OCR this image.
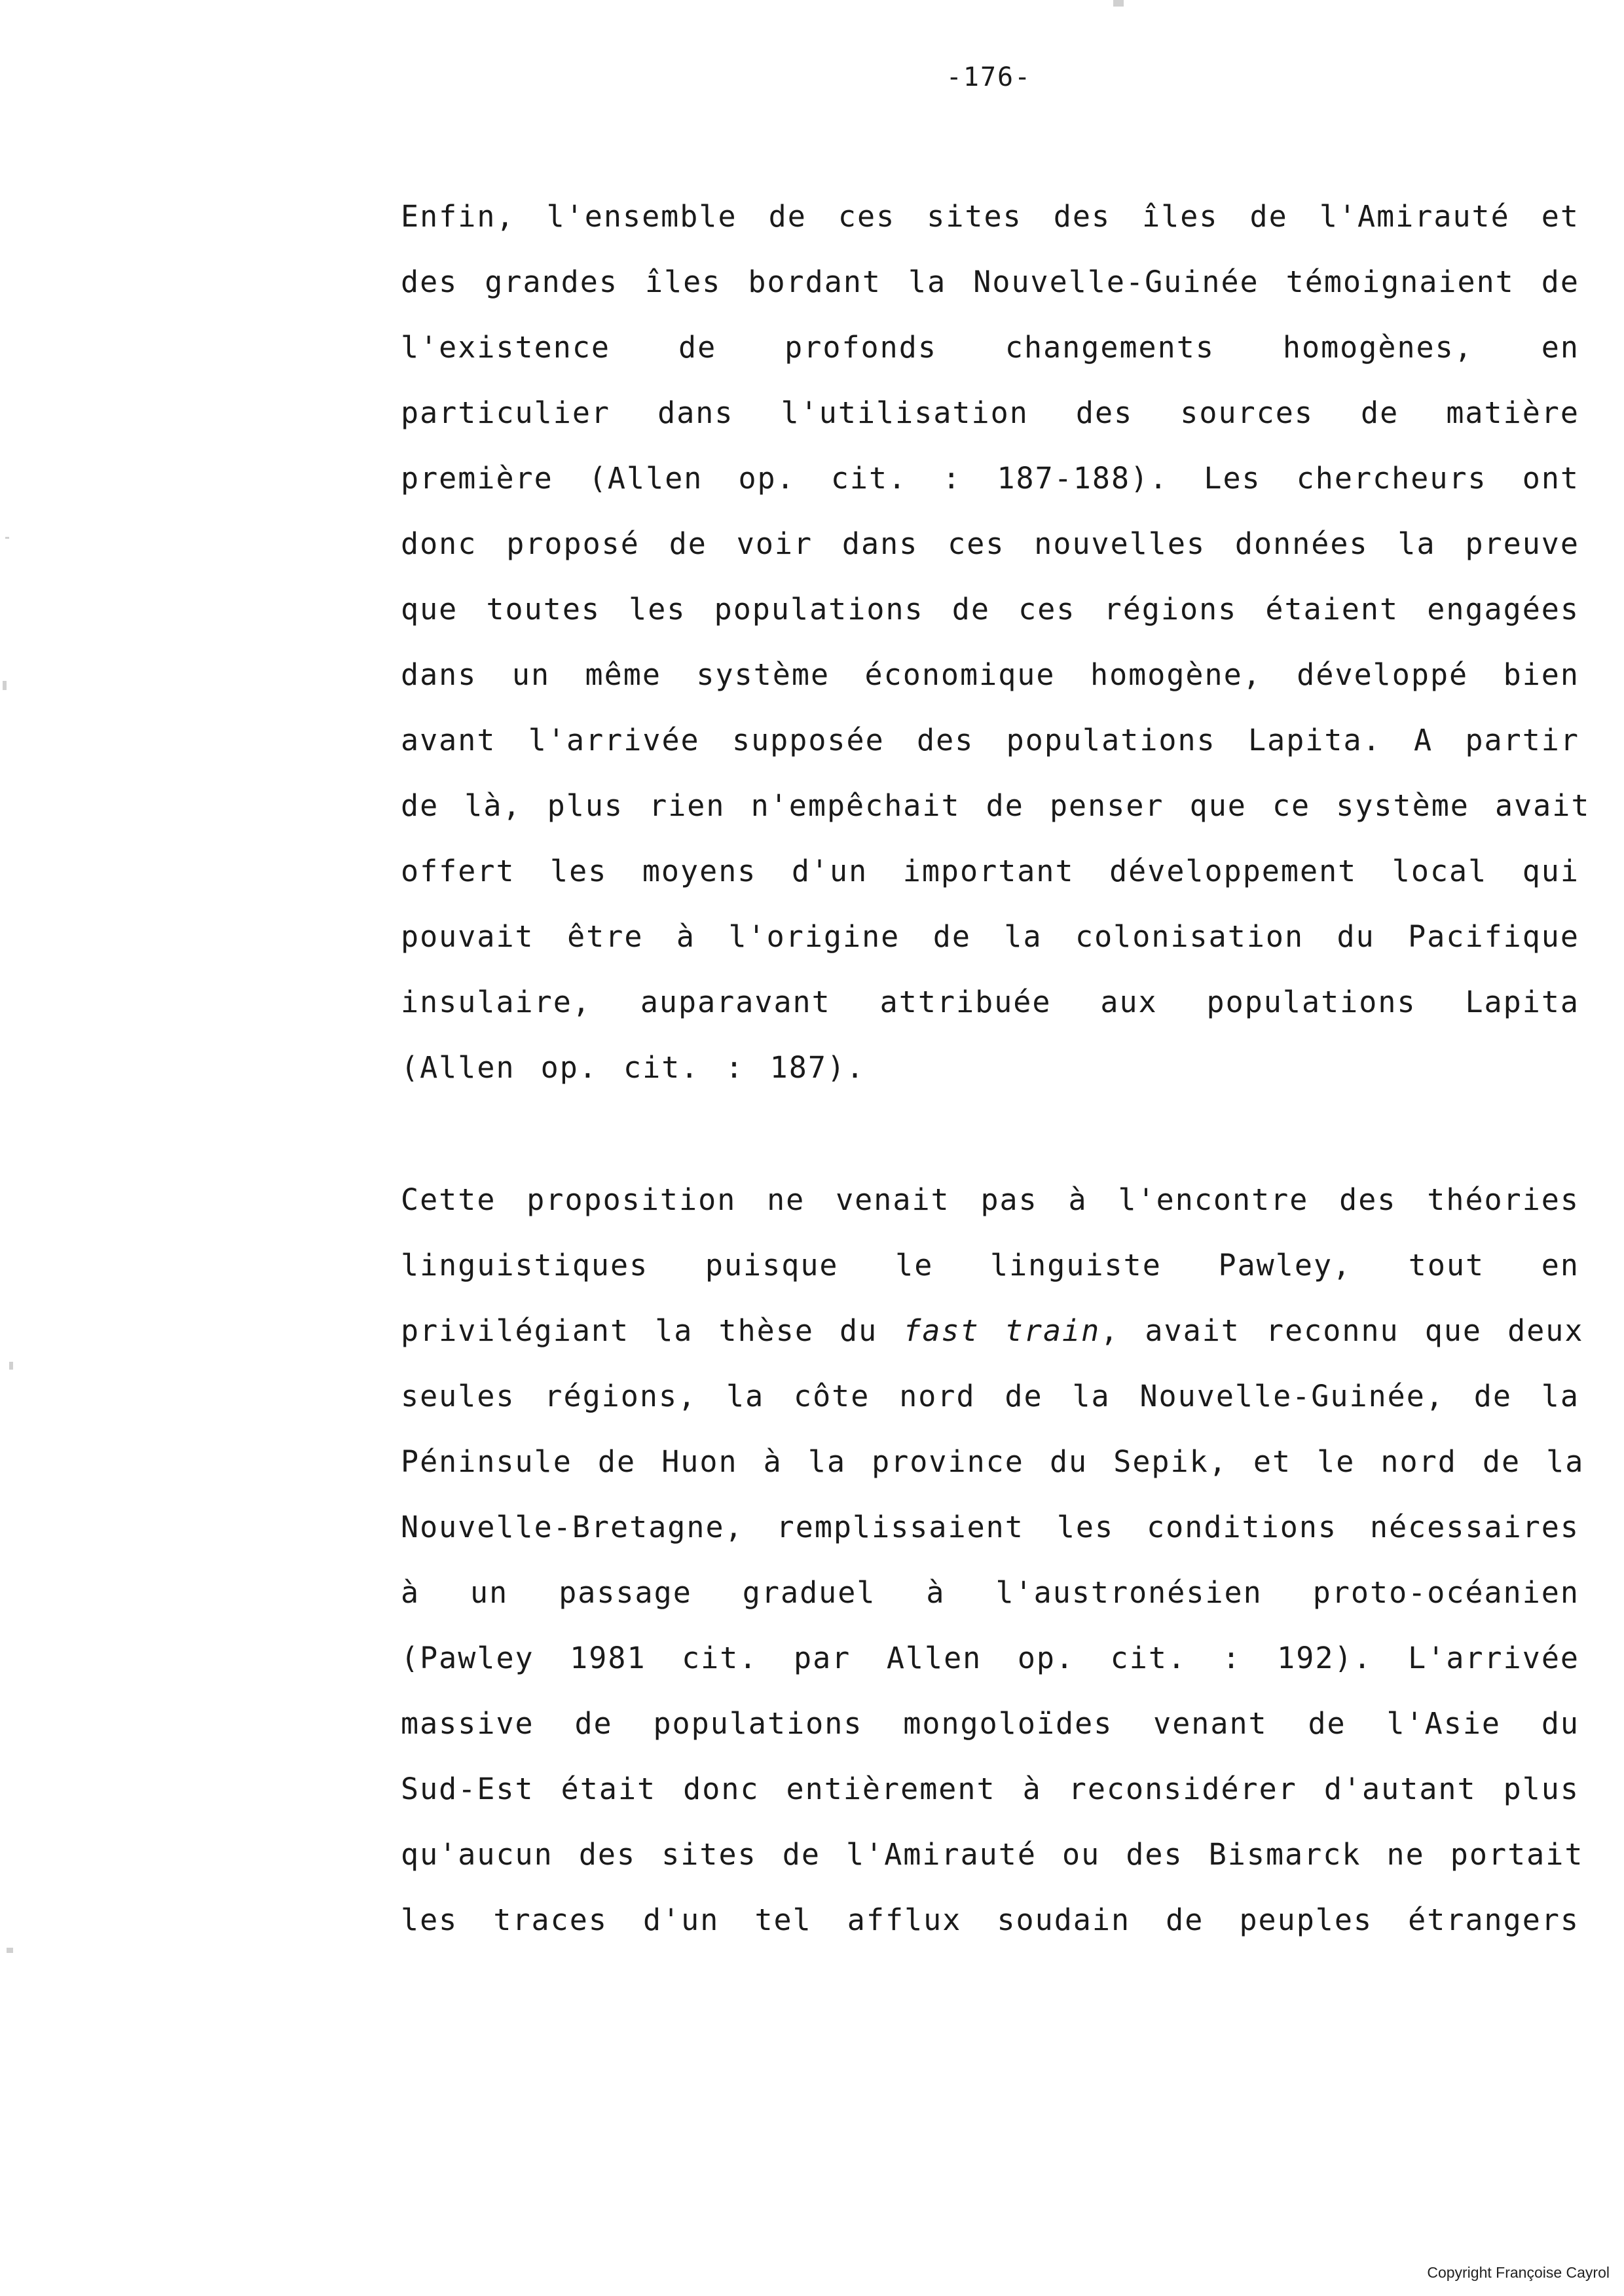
-176-
Enfin, l'ensemble de ces sites des îles de l'Amirauté et
des grandes îles bordant la Nouvelle-Guinée témoignaient de
l'existence de profonds changements homogènes, en
particulier dans l'utilisation des sources de matière
première (Allen op. cit. : 187-188). Les chercheurs ont
donc proposé de voir dans ces nouvelles données la preuve
que toutes les populations de ces régions étaient engagées
dans un même système économique homogène, développé bien
avant l'arrivée supposée des populations Lapita. A partir
de là, plus rien n'empêchait de penser que ce système avait
offert les moyens d'un important développement local qui
pouvait être à l'origine de la colonisation du Pacifique
insulaire, auparavant attribuée aux populations Lapita
(Allen op. cit. : 187).
Cette proposition ne venait pas à l'encontre des théories
linguistiques puisque le linguiste Pawley, tout en
privilégiant la thèse du fast train, avait reconnu que deux
seules régions, la côte nord de la Nouvelle-Guinée, de la
Péninsule de Huon à la province du Sepik, et le nord de la
Nouvelle-Bretagne, remplissaient les conditions nécessaires
à un passage graduel à l'austronésien proto-océanien
(Pawley 1981 cit. par Allen op. cit. : 192). L'arrivée
massive de populations mongoloïdes venant de l'Asie du
Sud-Est était donc entièrement à reconsidérer d'autant plus
qu'aucun des sites de l'Amirauté ou des Bismarck ne portait
les traces d'un tel afflux soudain de peuples étrangers
Copyright Françoise Cayrol
